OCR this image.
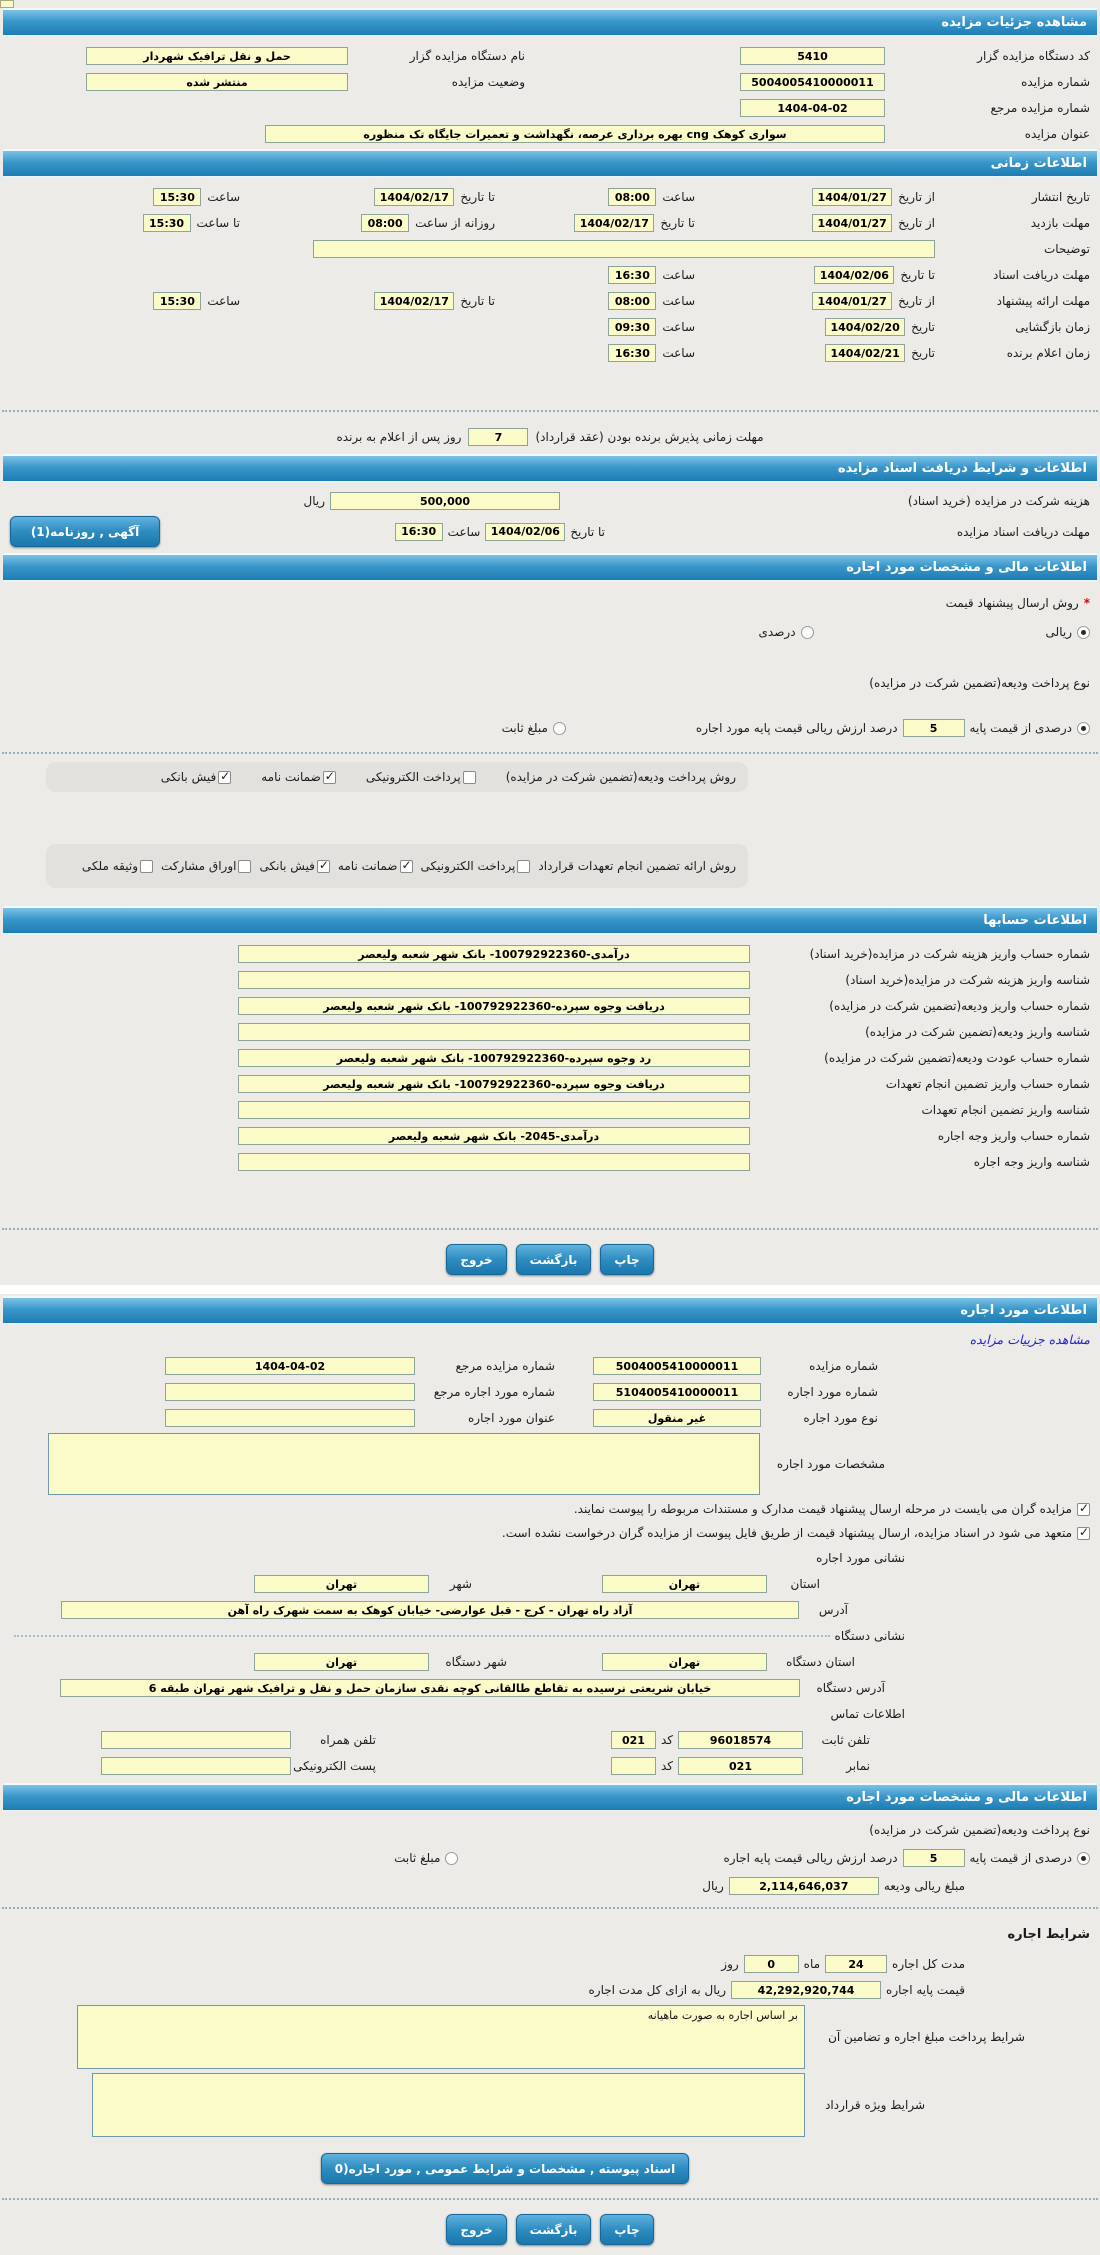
مشاهده جزئیات مزایده
کد دستگاه مزایده گزار
5410
نام دستگاه مزایده گزار
حمل و نقل ترافیک شهردار
شماره مزایده
5004005410000011
وضعیت مزایده
منتشر شده
شماره مزایده مرجع
1404-04-02
عنوان مزایده
سواری کوهک cng بهره برداری عرصه، نگهداشت و تعمیرات جایگاه تک منظوره
اطلاعات زمانی
تاریخ انتشار
از تاریخ
1404/01/27
ساعت
08:00
تا تاریخ
1404/02/17
ساعت
15:30
مهلت بازدید
از تاریخ
1404/01/27
تا تاریخ
1404/02/17
روزانه از ساعت
08:00
تا ساعت
15:30
توضیحات
مهلت دریافت اسناد
تا تاریخ
1404/02/06
ساعت
16:30
مهلت ارائه پیشنهاد
از تاریخ
1404/01/27
ساعت
08:00
تا تاریخ
1404/02/17
ساعت
15:30
زمان بازگشایی
تاریخ
1404/02/20
ساعت
09:30
زمان اعلام برنده
تاریخ
1404/02/21
ساعت
16:30
مهلت زمانی پذیرش برنده بودن (عقد قرارداد)
7
روز پس از اعلام به برنده
اطلاعات و شرایط دریافت اسناد مزایده
هزینه شرکت در مزایده (خرید اسناد)
500,000
ریال
مهلت دریافت اسناد مزایده
تا تاریخ
1404/02/06
ساعت
16:30
آگهی , روزنامه(1)
اطلاعات مالی و مشخصات مورد اجاره
*
روش ارسال پیشنهاد قیمت
ریالی
درصدی
نوع پرداخت ودیعه(تضمین شرکت در مزایده)
درصدی از قیمت پایه
5
درصد ارزش ریالی قیمت پایه مورد اجاره
مبلغ ثابت
روش پرداخت ودیعه(تضمین شرکت در مزایده)
پرداخت الکترونیکی
✓
ضمانت نامه
✓
فیش بانکی
روش ارائه تضمین انجام تعهدات قرارداد
پرداخت الکترونیکی
✓
ضمانت نامه
✓
فیش بانکی
اوراق مشارکت
وثیقه ملکی
اطلاعات حسابها
شماره حساب واریز هزینه شرکت در مزایده(خرید اسناد)
درآمدی-100792922360- بانک شهر شعبه ولیعصر
شناسه واریز هزینه شرکت در مزایده(خرید اسناد)
شماره حساب واریز ودیعه(تضمین شرکت در مزایده)
دریافت وجوه سپرده-100792922360- بانک شهر شعبه ولیعصر
شناسه واریز ودیعه(تضمین شرکت در مزایده)
شماره حساب عودت ودیعه(تضمین شرکت در مزایده)
رد وجوه سپرده-100792922360- بانک شهر شعبه ولیعصر
شماره حساب واریز تضمین انجام تعهدات
دریافت وجوه سپرده-100792922360- بانک شهر شعبه ولیعصر
شناسه واریز تضمین انجام تعهدات
شماره حساب واریز وجه اجاره
درآمدی-2045- بانک شهر شعبه ولیعصر
شناسه واریز وجه اجاره
چاپ
بازگشت
خروج
اطلاعات مورد اجاره
مشاهده جزییات مزایده
شماره مزایده
5004005410000011
شماره مزایده مرجع
1404-04-02
شماره مورد اجاره
5104005410000011
شماره مورد اجاره مرجع
نوع مورد اجاره
غیر منقول
عنوان مورد اجاره
مشخصات مورد اجاره
✓
مزایده گران می بایست در مرحله ارسال پیشنهاد قیمت مدارک و مستندات مربوطه را پیوست نمایند.
✓
متعهد می شود در اسناد مزایده، ارسال پیشنهاد قیمت از طریق فایل پیوست از مزایده گران درخواست نشده است.
نشانی مورد اجاره
استان
تهران
شهر
تهران
آدرس
آزاد راه تهران - کرج - قبل عوارضی- خیابان کوهک به سمت شهرک راه آهن
نشانی دستگاه
استان دستگاه
تهران
شهر دستگاه
تهران
آدرس دستگاه
خیابان شریعتی نرسیده به تقاطع طالقانی کوچه نقدی سازمان حمل و نقل و ترافیک شهر تهران طبقه 6
اطلاعات تماس
تلفن ثابت
96018574
کد
021
تلفن همراه
نمابر
021
کد
پست الکترونیکی
اطلاعات مالی و مشخصات مورد اجاره
نوع پرداخت ودیعه(تضمین شرکت در مزایده)
درصدی از قیمت پایه
5
درصد ارزش ریالی قیمت پایه اجاره
مبلغ ثابت
مبلغ ریالی ودیعه
2,114,646,037
ریال
شرایط اجاره
مدت کل اجاره
24
ماه
0
روز
قیمت پایه اجاره
42,292,920,744
ریال به ازای کل مدت اجاره
شرایط پرداخت مبلغ اجاره و تضامین آن
بر اساس اجاره به صورت ماهیانه
شرایط ویژه قرارداد
اسناد پیوسته , مشخصات و شرایط عمومی , مورد اجاره(0
چاپ
بازگشت
خروج
